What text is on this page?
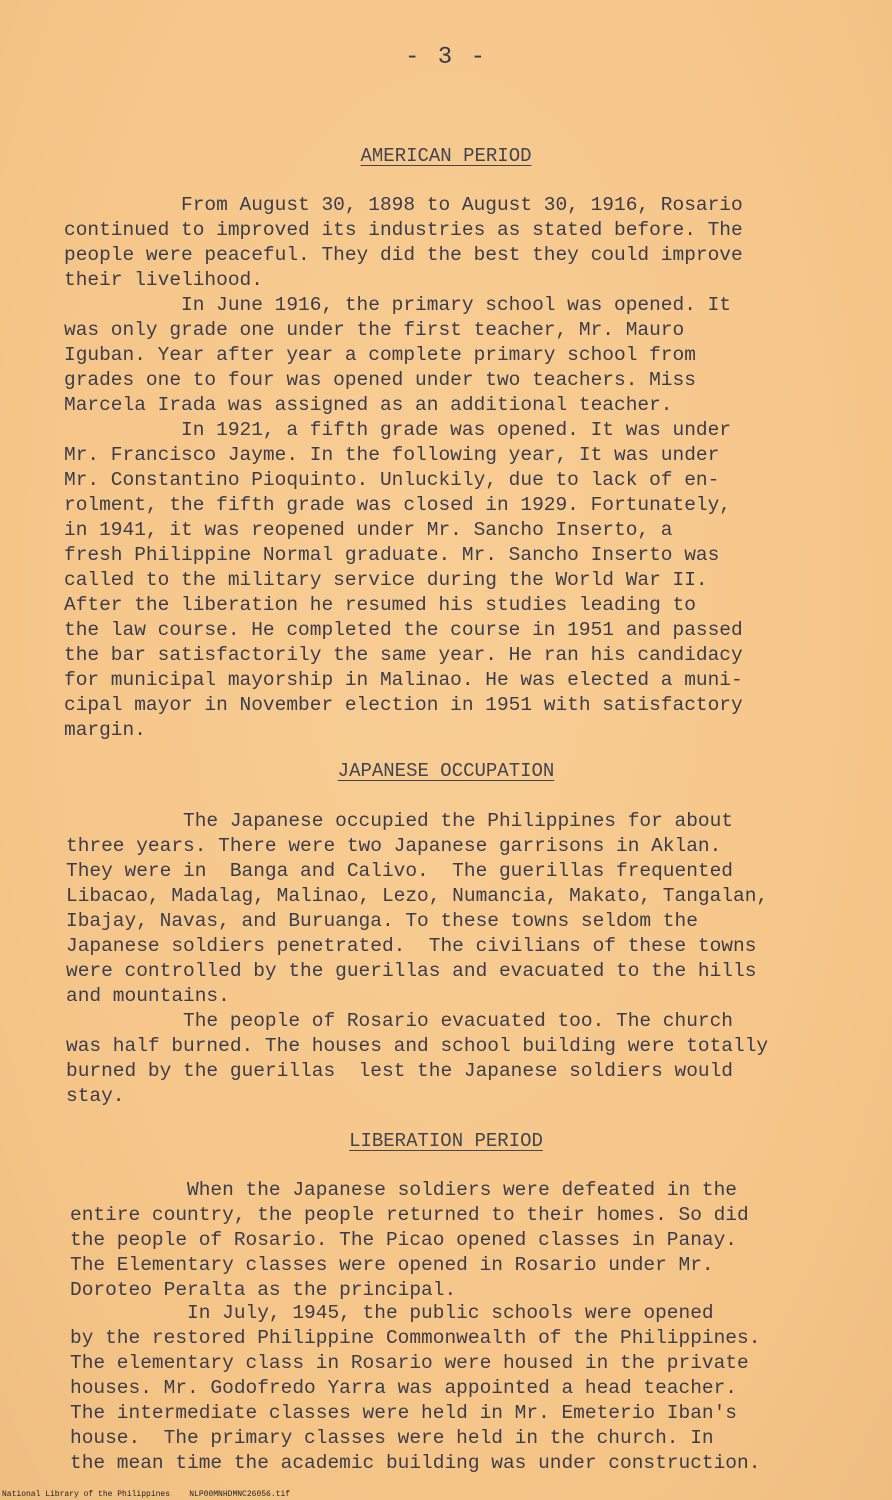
- 3 -
AMERICAN PERIOD
From August 30, 1898 to August 30, 1916, Rosario
continued to improved its industries as stated before. The
people were peaceful. They did the best they could improve
their livelihood.
In June 1916, the primary school was opened. It
was only grade one under the first teacher, Mr. Mauro
Iguban. Year after year a complete primary school from
grades one to four was opened under two teachers. Miss
Marcela Irada was assigned as an additional teacher.
In 1921, a fifth grade was opened. It was under
Mr. Francisco Jayme. In the following year, It was under
Mr. Constantino Pioquinto. Unluckily, due to lack of en-
rolment, the fifth grade was closed in 1929. Fortunately,
in 1941, it was reopened under Mr. Sancho Inserto, a
fresh Philippine Normal graduate. Mr. Sancho Inserto was
called to the military service during the World War II.
After the liberation he resumed his studies leading to
the law course. He completed the course in 1951 and passed
the bar satisfactorily the same year. He ran his candidacy
for municipal mayorship in Malinao. He was elected a muni-
cipal mayor in November election in 1951 with satisfactory
margin.
JAPANESE OCCUPATION
The Japanese occupied the Philippines for about
three years. There were two Japanese garrisons in Aklan.
They were in  Banga and Calivo.  The guerillas frequented
Libacao, Madalag, Malinao, Lezo, Numancia, Makato, Tangalan,
Ibajay, Navas, and Buruanga. To these towns seldom the
Japanese soldiers penetrated.  The civilians of these towns
were controlled by the guerillas and evacuated to the hills
and mountains.
The people of Rosario evacuated too. The church
was half burned. The houses and school building were totally
burned by the guerillas  lest the Japanese soldiers would
stay.
LIBERATION PERIOD
When the Japanese soldiers were defeated in the
entire country, the people returned to their homes. So did
the people of Rosario. The Picao opened classes in Panay.
The Elementary classes were opened in Rosario under Mr.
Doroteo Peralta as the principal.
In July, 1945, the public schools were opened
by the restored Philippine Commonwealth of the Philippines.
The elementary class in Rosario were housed in the private
houses. Mr. Godofredo Yarra was appointed a head teacher.
The intermediate classes were held in Mr. Emeterio Iban's
house.  The primary classes were held in the church. In
the mean time the academic building was under construction.
National Library of the Philippines    NLP00MNHDMNC26056.tif
